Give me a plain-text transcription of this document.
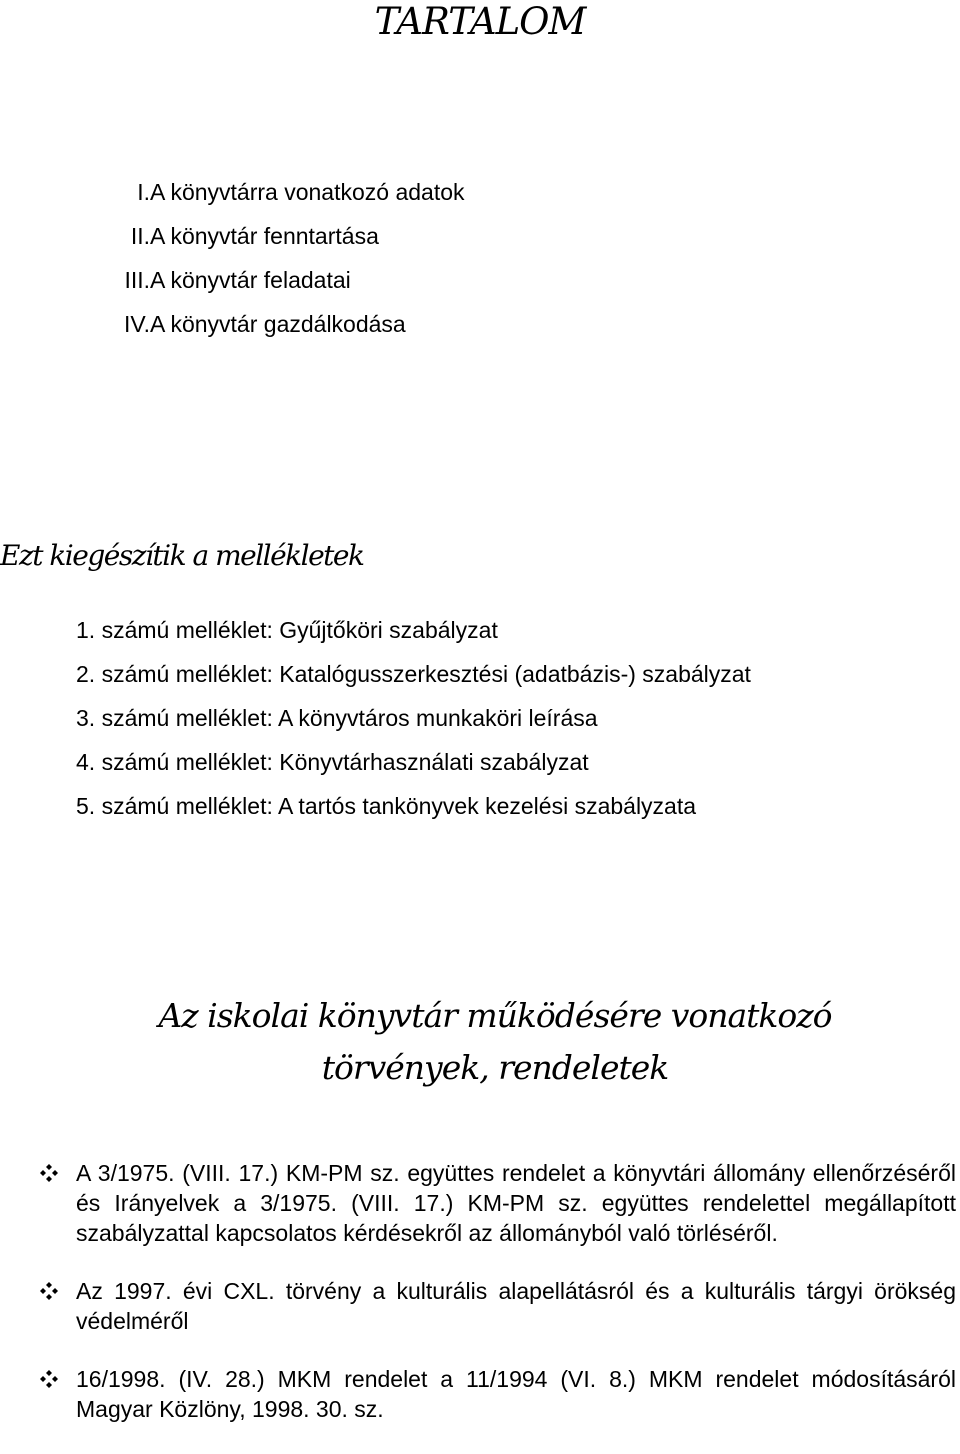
TARTALOM
I. A könyvtárra vonatkozó adatok
II. A könyvtár fenntartása
III. A könyvtár feladatai
IV. A könyvtár gazdálkodása
Ezt kiegészítik a mellékletek
1. számú melléklet: Gyűjtőköri szabályzat
2. számú melléklet: Katalógusszerkesztési (adatbázis-) szabályzat
3. számú melléklet: A könyvtáros munkaköri leírása
4. számú melléklet: Könyvtárhasználati szabályzat
5. számú melléklet: A tartós tankönyvek kezelési szabályzata
Az iskolai könyvtár működésére vonatkozó
törvények, rendeletek
A 3/1975. (VIII. 17.) KM-PM sz. együttes rendelet a könyvtári állomány ellenőrzéséről és Irányelvek a 3/1975. (VIII. 17.) KM-PM sz. együttes rendelettel megállapított szabályzattal kapcsolatos kérdésekről az állományból való törléséről.
Az 1997. évi CXL. törvény a kulturális alapellátásról és a kulturális tárgyi örökség védelméről
16/1998. (IV. 28.) MKM rendelet a 11/1994 (VI. 8.) MKM rendelet módosításáról Magyar Közlöny, 1998. 30. sz.
